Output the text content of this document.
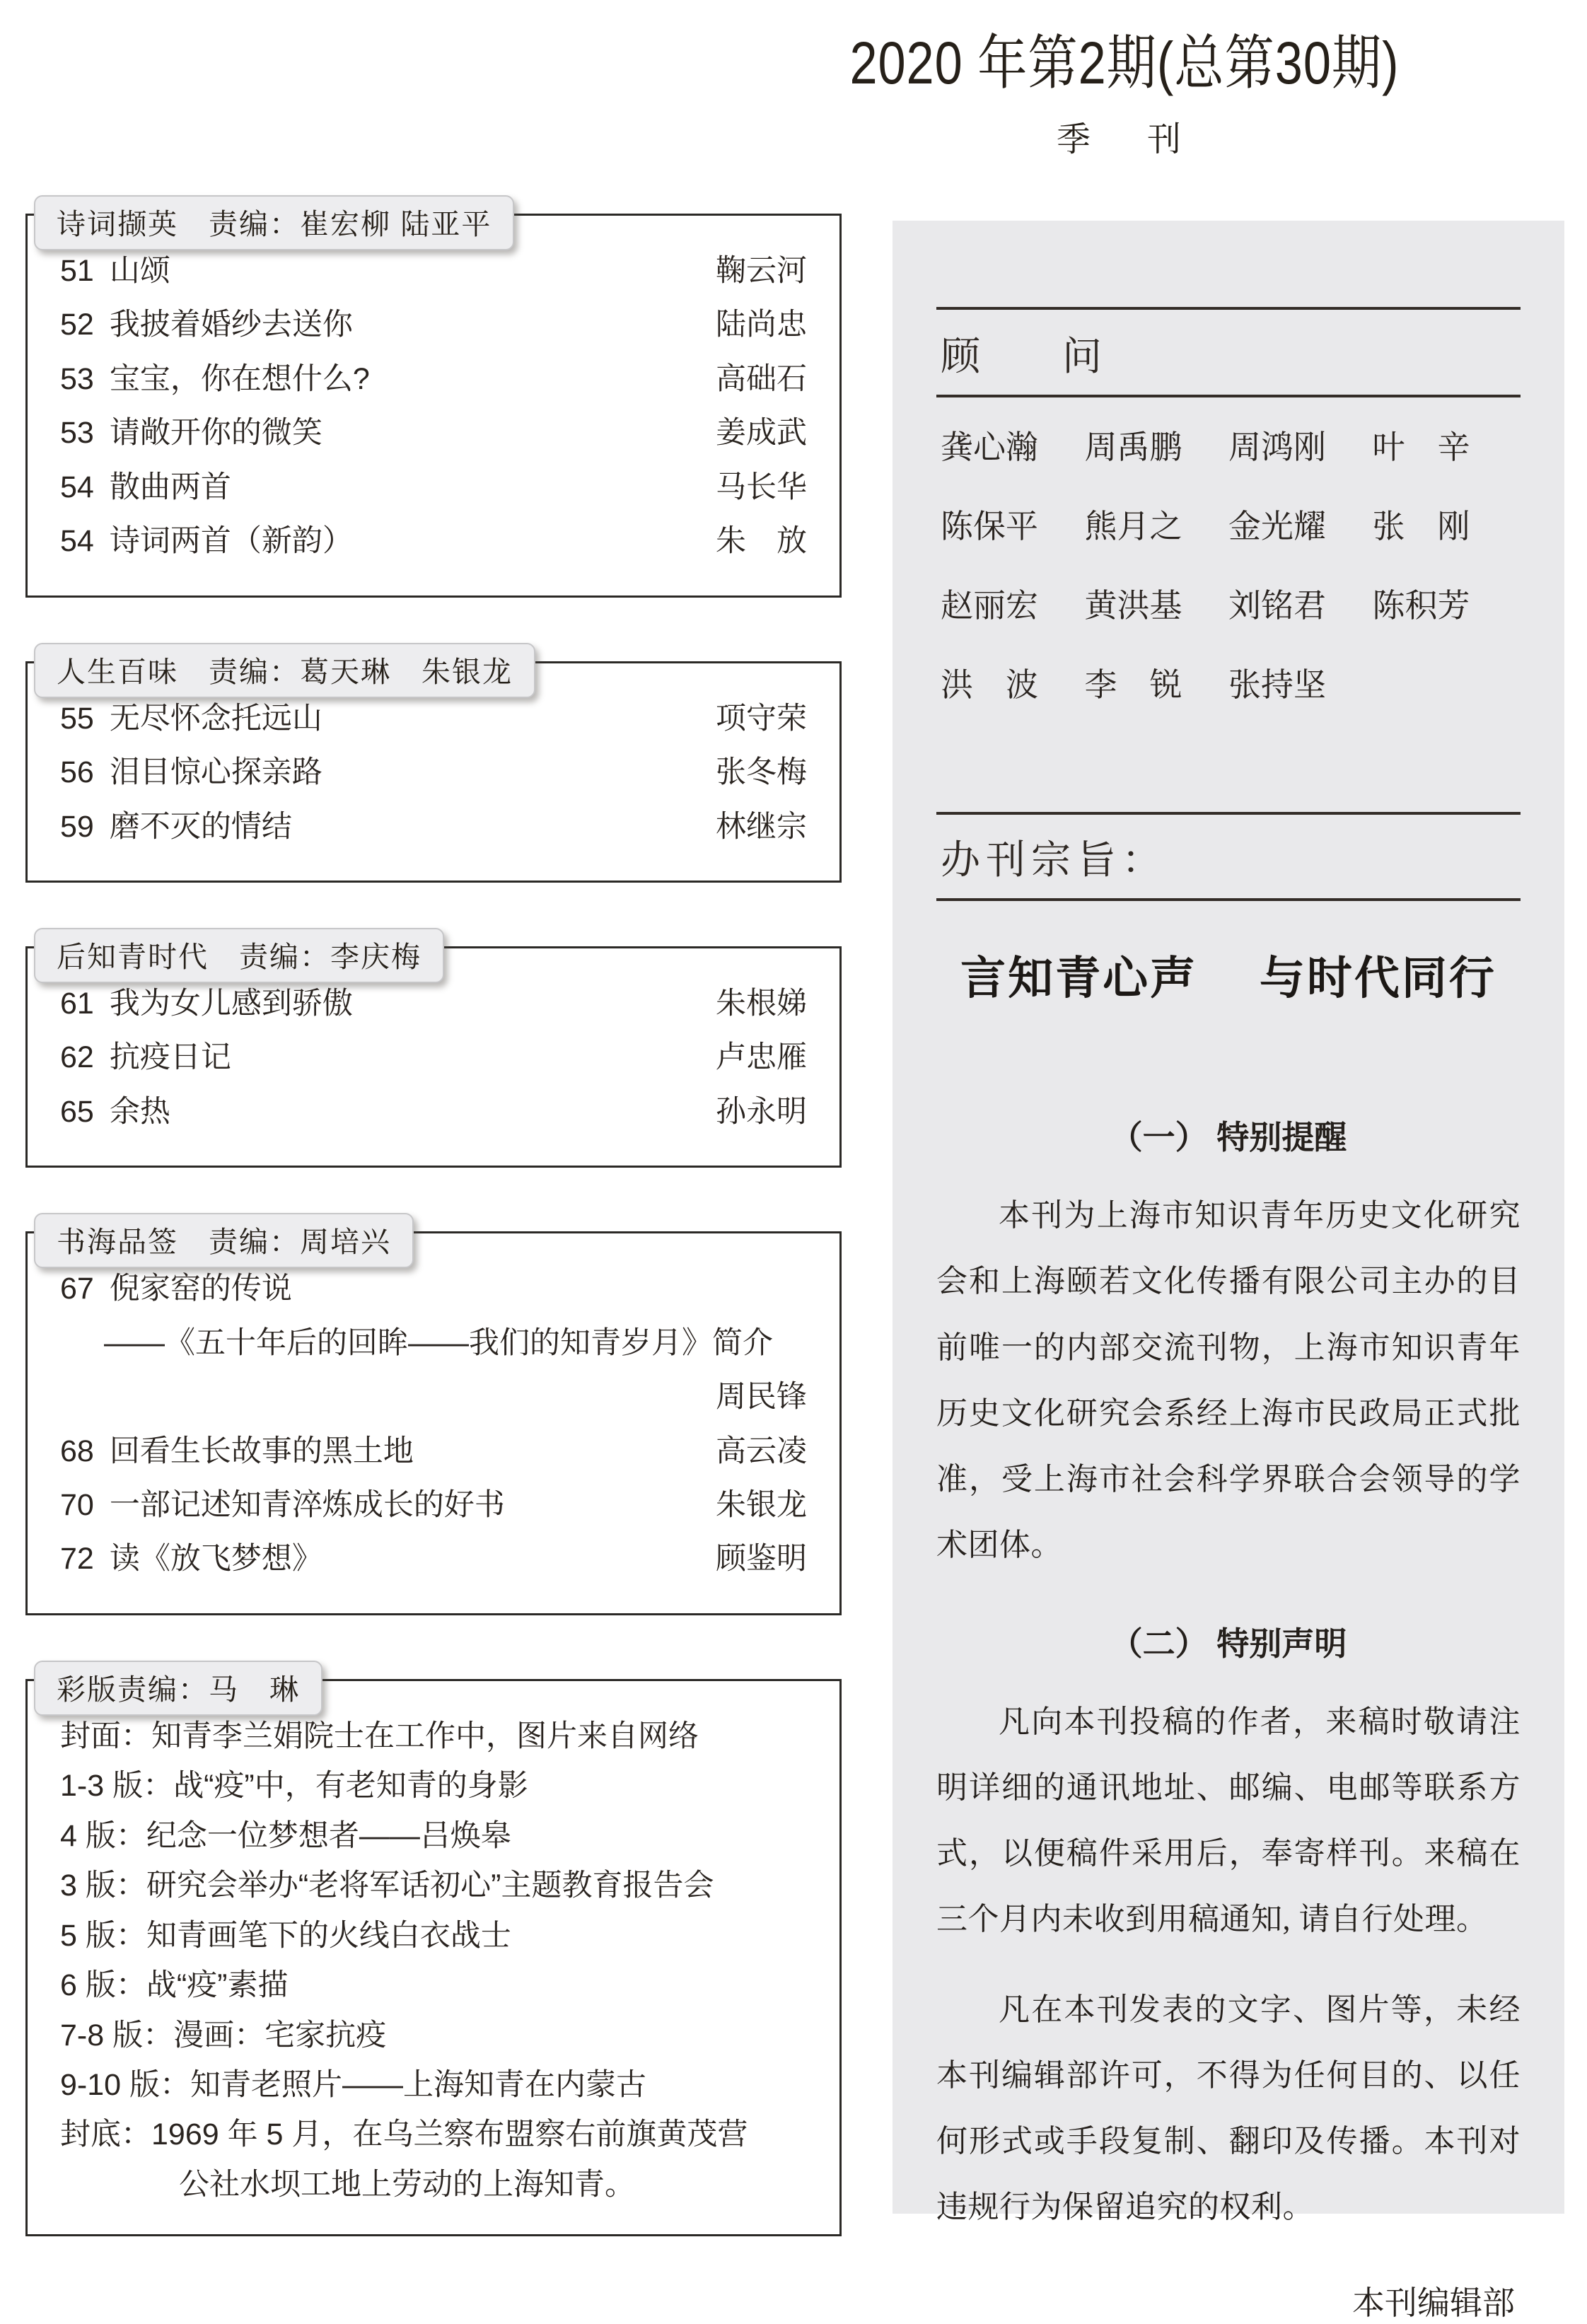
2020 年第2期(总第30期)
季　刊
诗词撷英　责编：崔宏柳 陆亚平
51 山颂	鞠云河
52 我披着婚纱去送你	陆尚忠
53 宝宝，你在想什么?	高础石
53 请敞开你的微笑	姜成武
54 散曲两首	马长华
54 诗词两首（新韵）	朱　放
人生百味　责编：葛天琳　朱银龙
55 无尽怀念托远山	项守荣
56 泪目惊心探亲路	张冬梅
59 磨不灭的情结	林继宗
后知青时代　责编：李庆梅
61 我为女儿感到骄傲	朱根娣
62 抗疫日记	卢忠雁
65 余热	孙永明
书海品签　责编：周培兴
67 倪家窑的传说
——《五十年后的回眸——我们的知青岁月》简介
周民锋
68 回看生长故事的黑土地	高云凌
70 一部记述知青淬炼成长的好书	朱银龙
72 读《放飞梦想》	顾鉴明
彩版责编：马　琳
封面：知青李兰娟院士在工作中，图片来自网络
1-3 版：战“疫”中，有老知青的身影
4 版：纪念一位梦想者——吕焕皋
3 版：研究会举办“老将军话初心”主题教育报告会
5 版：知青画笔下的火线白衣战士
6 版：战“疫”素描
7-8 版：漫画：宅家抗疫
9-10 版：知青老照片——上海知青在内蒙古
封底：1969 年 5 月，在乌兰察布盟察右前旗黄茂营
公社水坝工地上劳动的上海知青。
顾　问
龚心瀚	周禹鹏	周鸿刚	叶　辛
陈保平	熊月之	金光耀	张　刚
赵丽宏	黄洪基	刘铭君	陈积芳
洪　波	李　锐	张持坚
办刊宗旨：
言知青心声　 与时代同行
（一） 特别提醒

本刊为上海市知识青年历史文化研究会和上海颐若文化传播有限公司主办的目前唯一的内部交流刊物，上海市知识青年历史文化研究会系经上海市民政局正式批准，受上海市社会科学界联合会领导的学术团体。

（二） 特别声明

凡向本刊投稿的作者，来稿时敬请注明详细的通讯地址、邮编、电邮等联系方式，以便稿件采用后，奉寄样刊。来稿在三个月内未收到用稿通知, 请自行处理。

凡在本刊发表的文字、图片等，未经本刊编辑部许可，不得为任何目的、以任何形式或手段复制、翻印及传播。本刊对违规行为保留追究的权利。

本刊编辑部
